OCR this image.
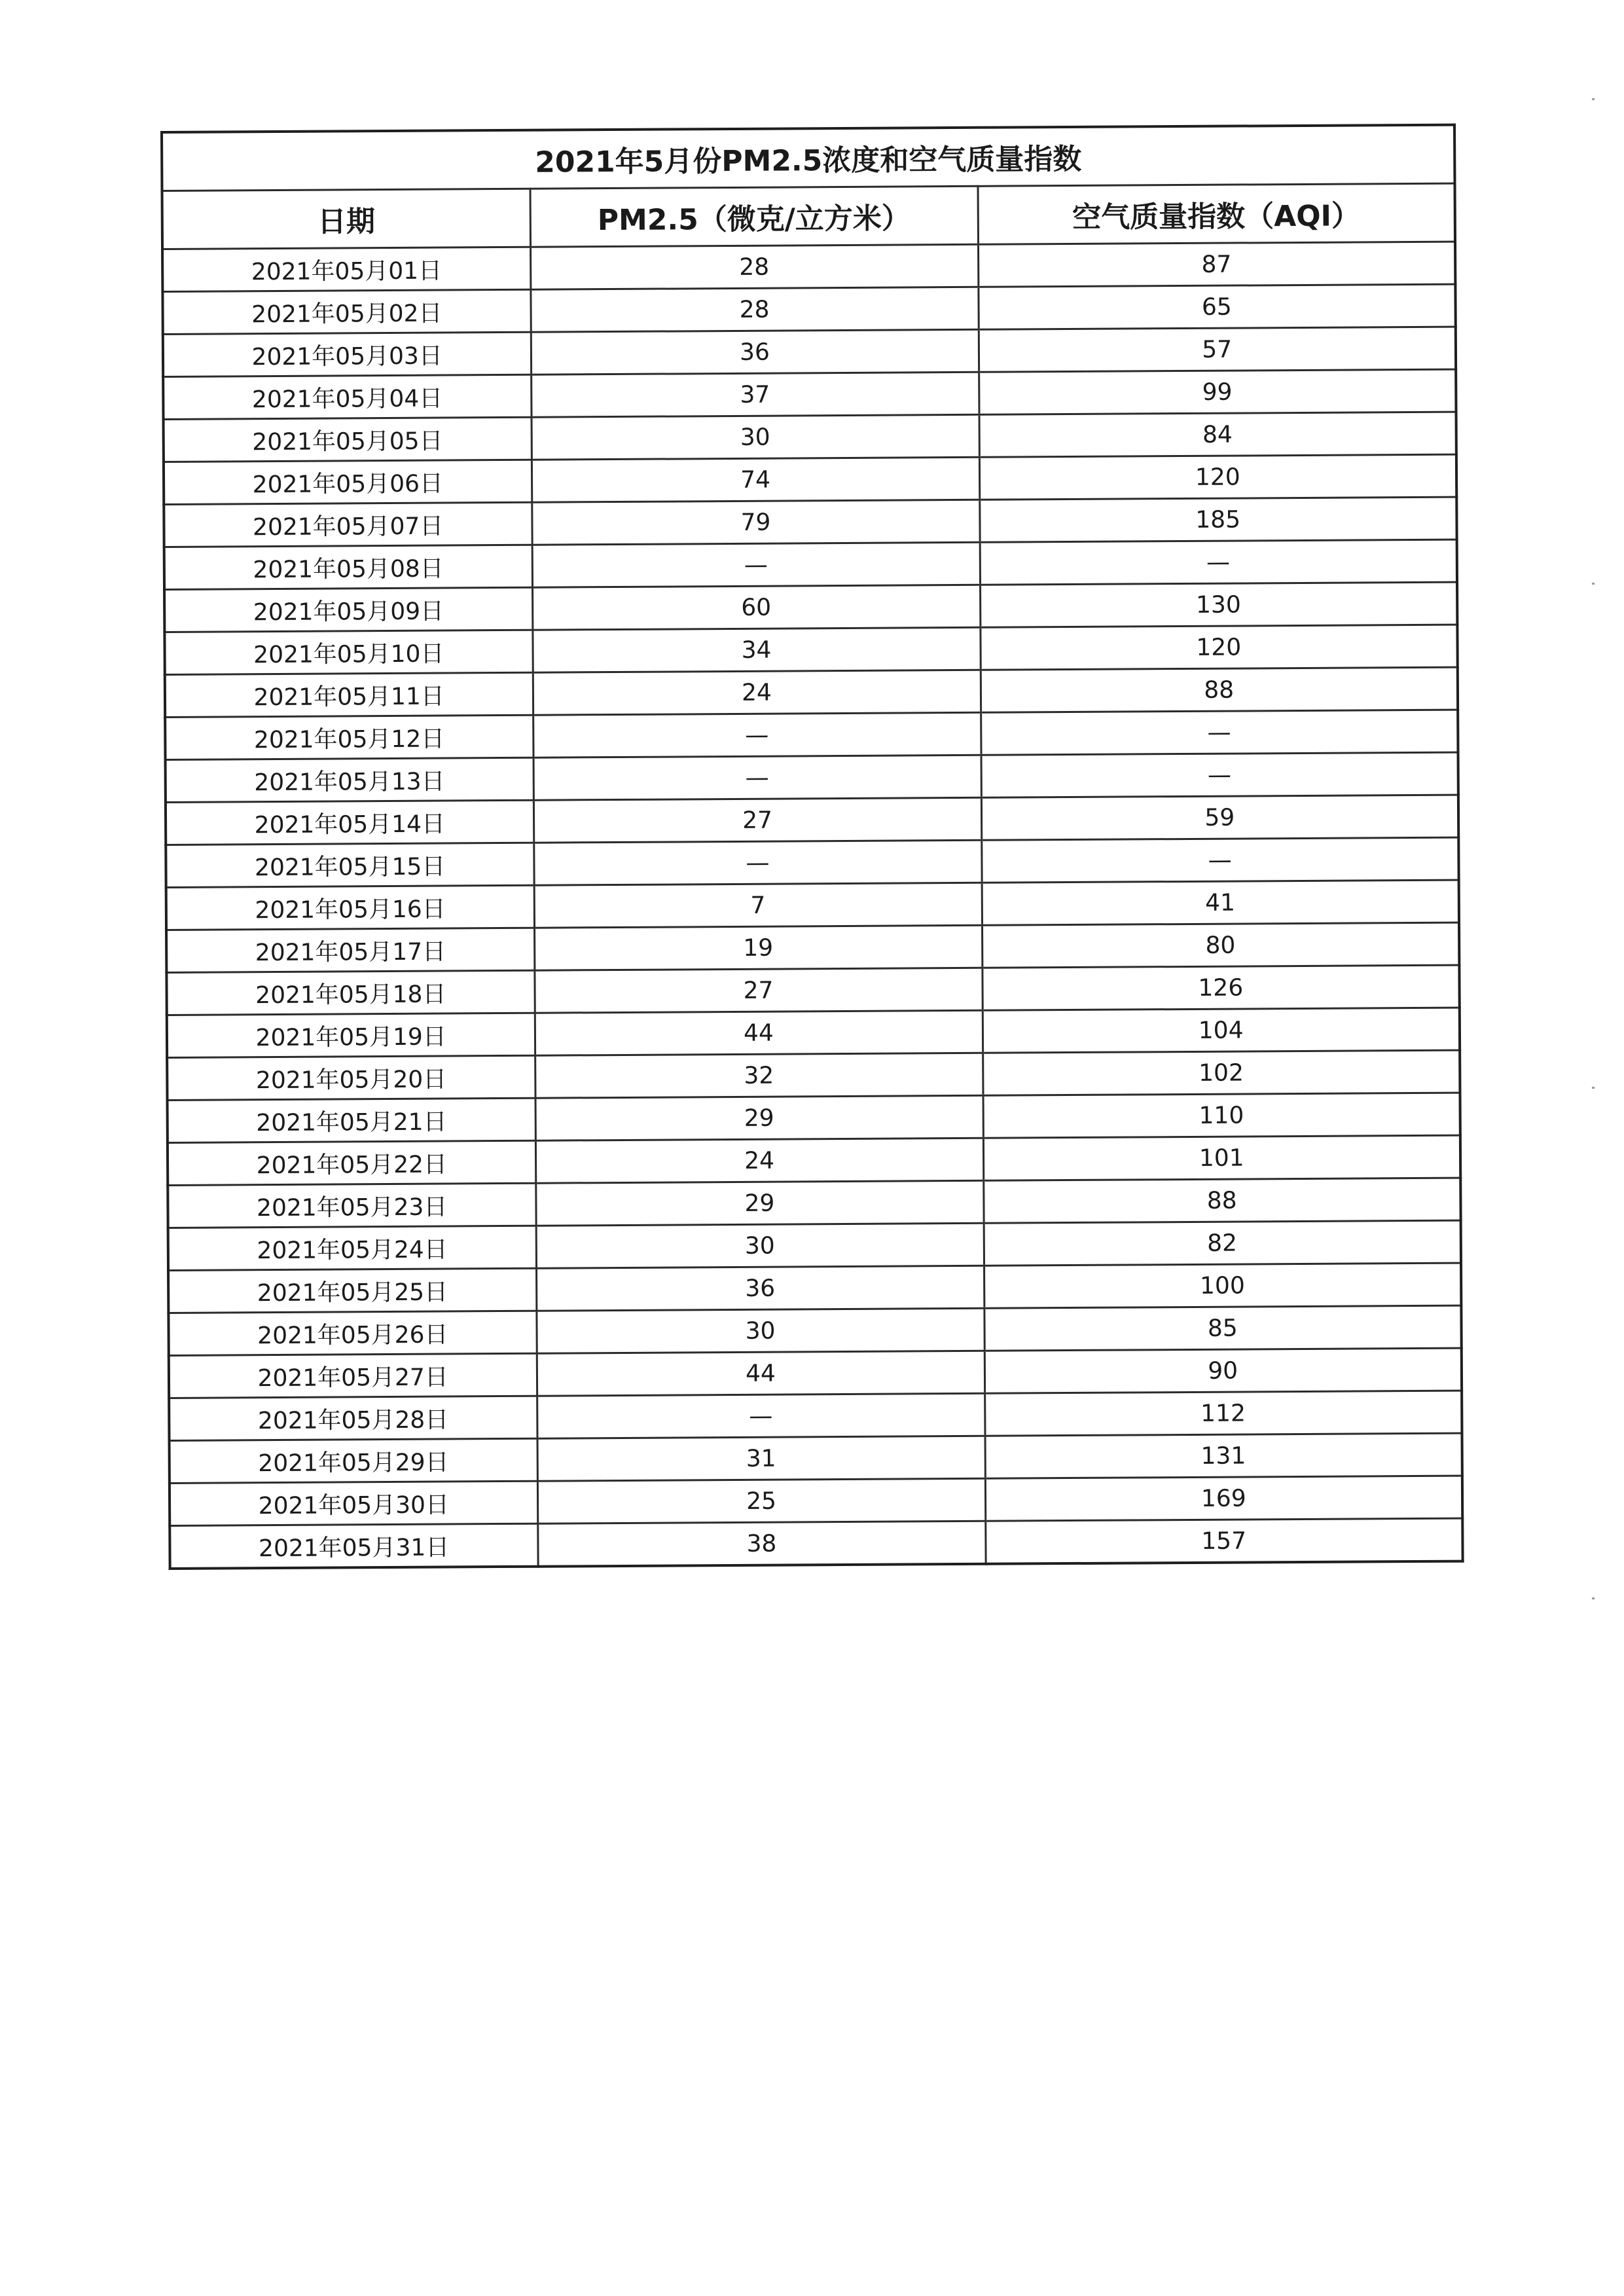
2021年5月份PM2.5浓度和空气质量指数		
日期	PM2.5（微克/立方米）	空气质量指数（AQI）
2021年05月01日	28	87
2021年05月02日	28	65
2021年05月03日	36	57
2021年05月04日	37	99
2021年05月05日	30	84
2021年05月06日	74	120
2021年05月07日	79	185
2021年05月08日	—	—
2021年05月09日	60	130
2021年05月10日	34	120
2021年05月11日	24	88
2021年05月12日	—	—
2021年05月13日	—	—
2021年05月14日	27	59
2021年05月15日	—	—
2021年05月16日	7	41
2021年05月17日	19	80
2021年05月18日	27	126
2021年05月19日	44	104
2021年05月20日	32	102
2021年05月21日	29	110
2021年05月22日	24	101
2021年05月23日	29	88
2021年05月24日	30	82
2021年05月25日	36	100
2021年05月26日	30	85
2021年05月27日	44	90
2021年05月28日	—	112
2021年05月29日	31	131
2021年05月30日	25	169
2021年05月31日	38	157
